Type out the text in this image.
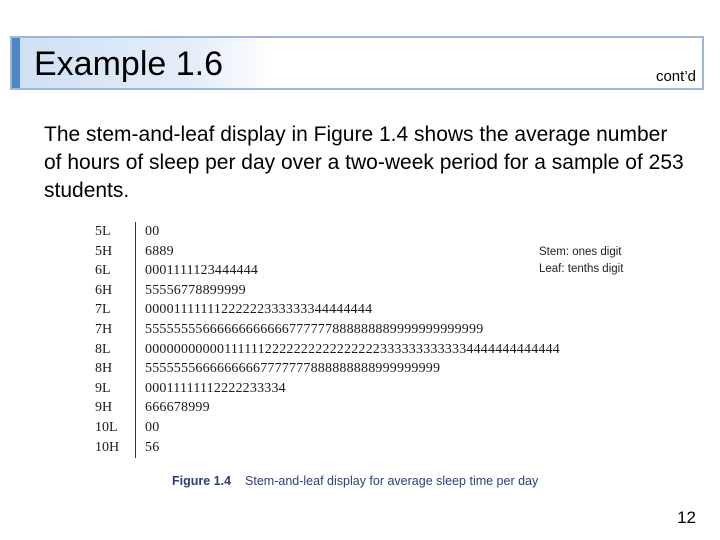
Example 1.6	cont’d

The stem-and-leaf display in Figure 1.4 shows the average number of hours of sleep per day over a two-week period for a sample of 253 students.

5L	00
5H	6889
6L	0001111123444444
6H	55556778899999
7L	00001111111222222333333344444444
7H	55555555666666666666777777888888889999999999999
8L	0000000000011111122222222222222223333333333334444444444444
8H	55555556666666667777777888888888999999999
9L	00011111112222233334
9H	666678999
10L	00
10H	56
Stem: ones digit
Leaf: tenths digit
Figure 1.4 Stem-and-leaf display for average sleep time per day
12
